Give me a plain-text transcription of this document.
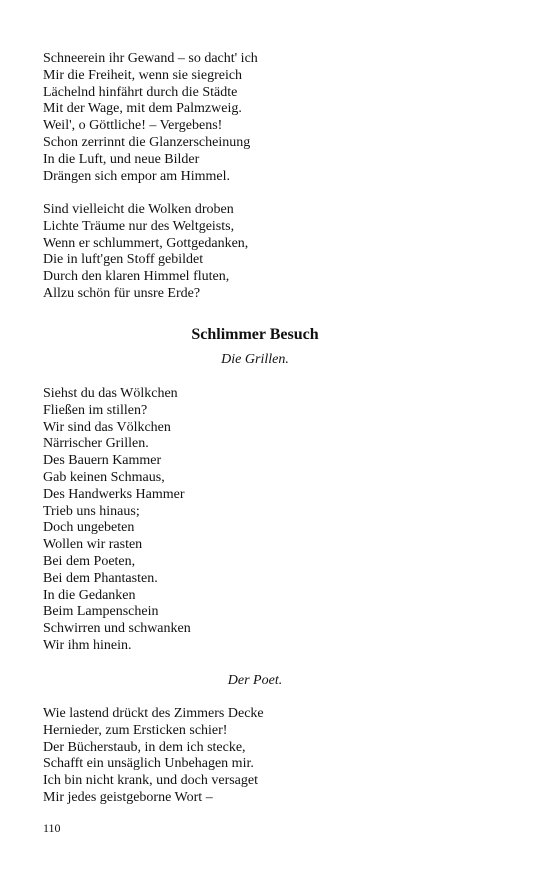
Schneerein ihr Gewand – so dacht' ich
Mir die Freiheit, wenn sie siegreich
Lächelnd hinfährt durch die Städte
Mit der Wage, mit dem Palmzweig.
Weil', o Göttliche! – Vergebens!
Schon zerrinnt die Glanzerscheinung
In die Luft, und neue Bilder
Drängen sich empor am Himmel.
Sind vielleicht die Wolken droben
Lichte Träume nur des Weltgeists,
Wenn er schlummert, Gottgedanken,
Die in luft'gen Stoff gebildet
Durch den klaren Himmel fluten,
Allzu schön für unsre Erde?
Schlimmer Besuch
Die Grillen.
Siehst du das Wölkchen
Fließen im stillen?
Wir sind das Völkchen
Närrischer Grillen.
Des Bauern Kammer
Gab keinen Schmaus,
Des Handwerks Hammer
Trieb uns hinaus;
Doch ungebeten
Wollen wir rasten
Bei dem Poeten,
Bei dem Phantasten.
In die Gedanken
Beim Lampenschein
Schwirren und schwanken
Wir ihm hinein.
Der Poet.
Wie lastend drückt des Zimmers Decke
Hernieder, zum Ersticken schier!
Der Bücherstaub, in dem ich stecke,
Schafft ein unsäglich Unbehagen mir.
Ich bin nicht krank, und doch versaget
Mir jedes geistgeborne Wort –
110
